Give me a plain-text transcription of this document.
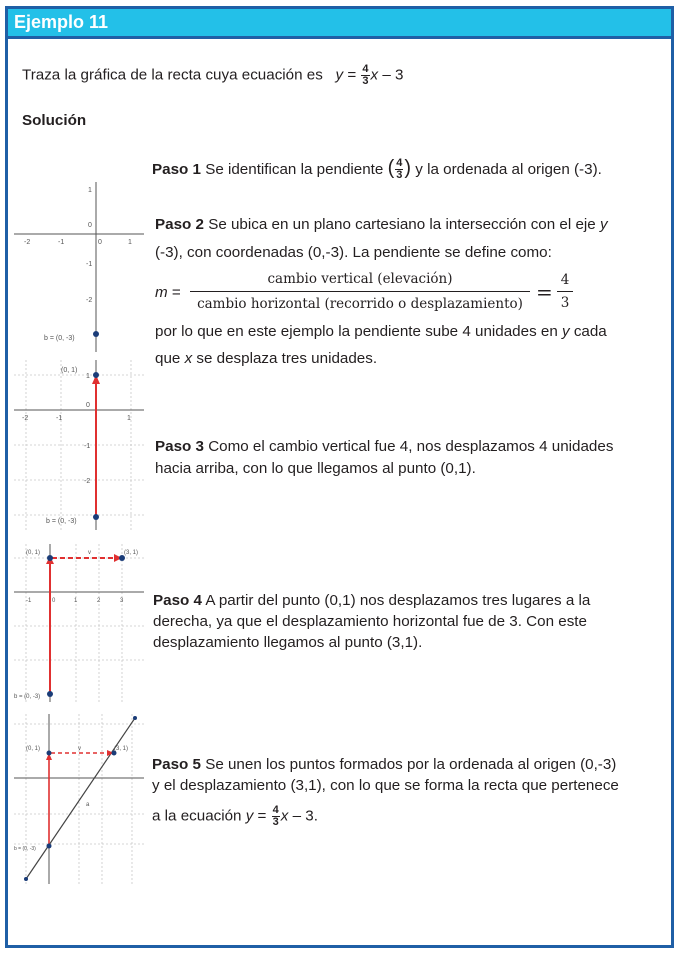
Ejemplo 11
Traza la gráfica de la recta cuya ecuación es $y = \frac{4}{3}$ x – 3
Solución
Paso 1 Se identifican la pendiente ( $\frac{4}{3}$ ) y la ordenada al origen (-3).
Paso 2 Se ubica en un plano cartesiano la intersección con el eje y
(-3), con coordenadas (0,-3). La pendiente se define como:
m =
cambio vertical (elevación)
cambio horizontal (recorrido o desplazamiento) = 4
3
por lo que en este ejemplo la pendiente sube 4 unidades en y cada
que x se desplaza tres unidades.
Paso 3 Como el cambio vertical fue 4, nos desplazamos 4 unidades
hacia arriba, con lo que llegamos al punto (0,1).
Paso 4 A partir del punto (0,1) nos desplazamos tres lugares a la
derecha, ya que el desplazamiento horizontal fue de 3. Con este
desplazamiento llegamos al punto (3,1).
Paso 5 Se unen los puntos formados por la ordenada al origen (0,-3)
y el desplazamiento (3,1), con lo que se forma la recta que pertenece
a la ecuación $y = \frac{4}{3}$ x – 3.
-2	-1	0	1
1
0
-1
-2
b = (0, -3)
-2	-1
0
1
1
-1
-2
(0, 1)
b = (0, -3)
-1	0	1	2	3
(0, 1)	(3, 1)
v
b = (0, -3)
(0, 1)	(3, 1)
v
a
b = (0, -3)
